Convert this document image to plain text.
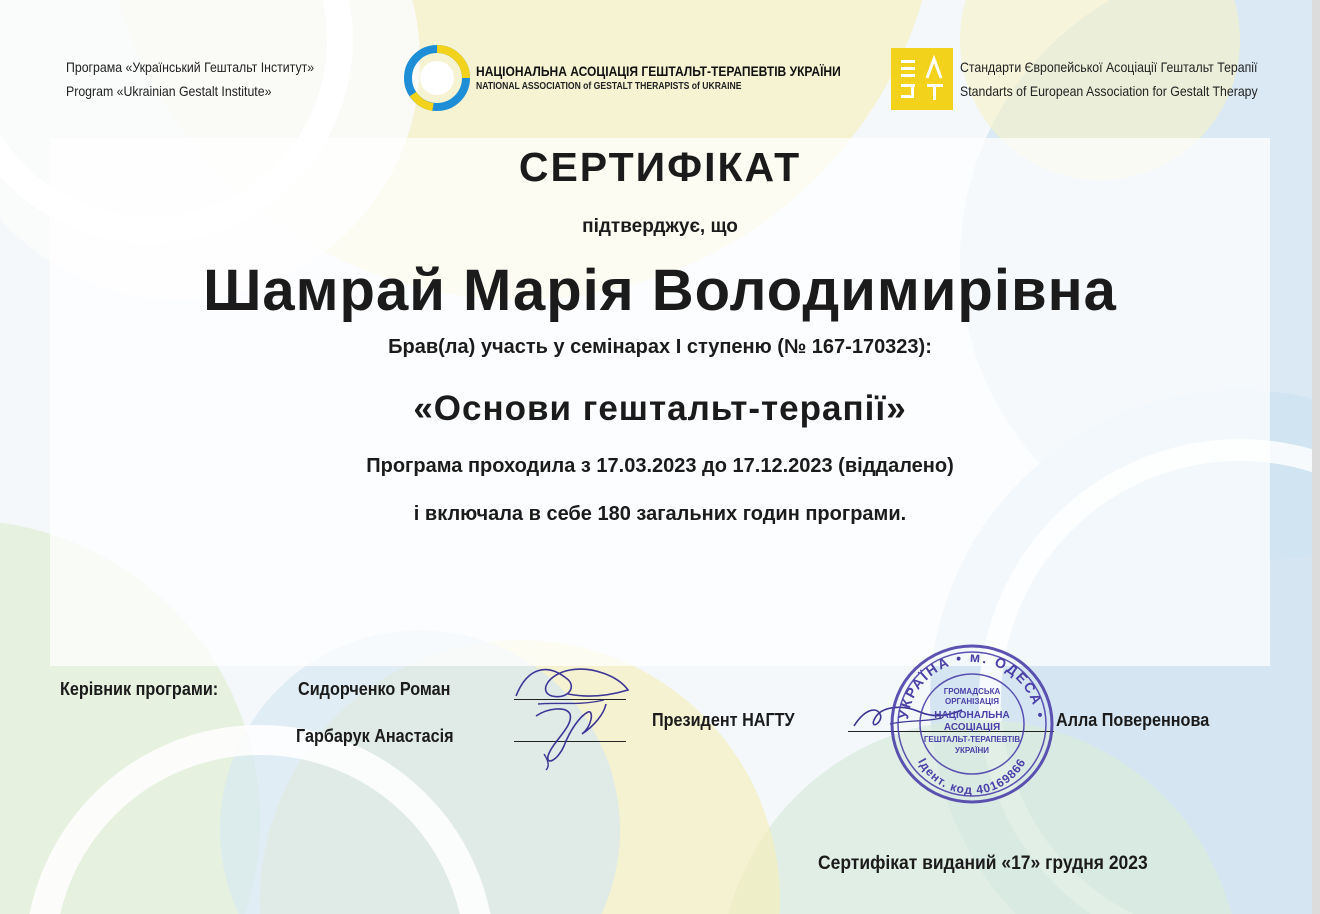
Програма «Український Гештальт Інститут»
Program «Ukrainian Gestalt Institute»
НАЦІОНАЛЬНА АСОЦІАЦІЯ ГЕШТАЛЬТ-ТЕРАПЕВТІВ УКРАЇНИ
NATIONAL ASSOCIATION of GESTALT THERAPISTS of UKRAINE
Стандарти Європейської Асоціації Гештальт Терапії
Standarts of European Association for Gestalt Therapy
СЕРТИФІКАТ
підтверджує, що
Шамрай Марія Володимирівна
Брав(ла) участь у семінарах І ступеню (№ 167-170323):
«Основи гештальт-терапії»
Програма проходила з 17.03.2023 до 17.12.2023 (віддалено)
і включала в себе 180 загальних годин програми.
Керівник програми:	Сидорченко Роман
Гарбарук Анастасія
Президент НАГТУ	Алла Повереннова
УКРАЇНА • м. ОДЕСА •
Ідент. код 40169866
ГРОМАДСЬКА
ОРГАНІЗАЦІЯ
НАЦІОНАЛЬНА
АСОЦІАЦІЯ
ГЕШТАЛЬТ-ТЕРАПЕВТІВ
УКРАЇНИ
Сертифікат виданий «17» грудня 2023
